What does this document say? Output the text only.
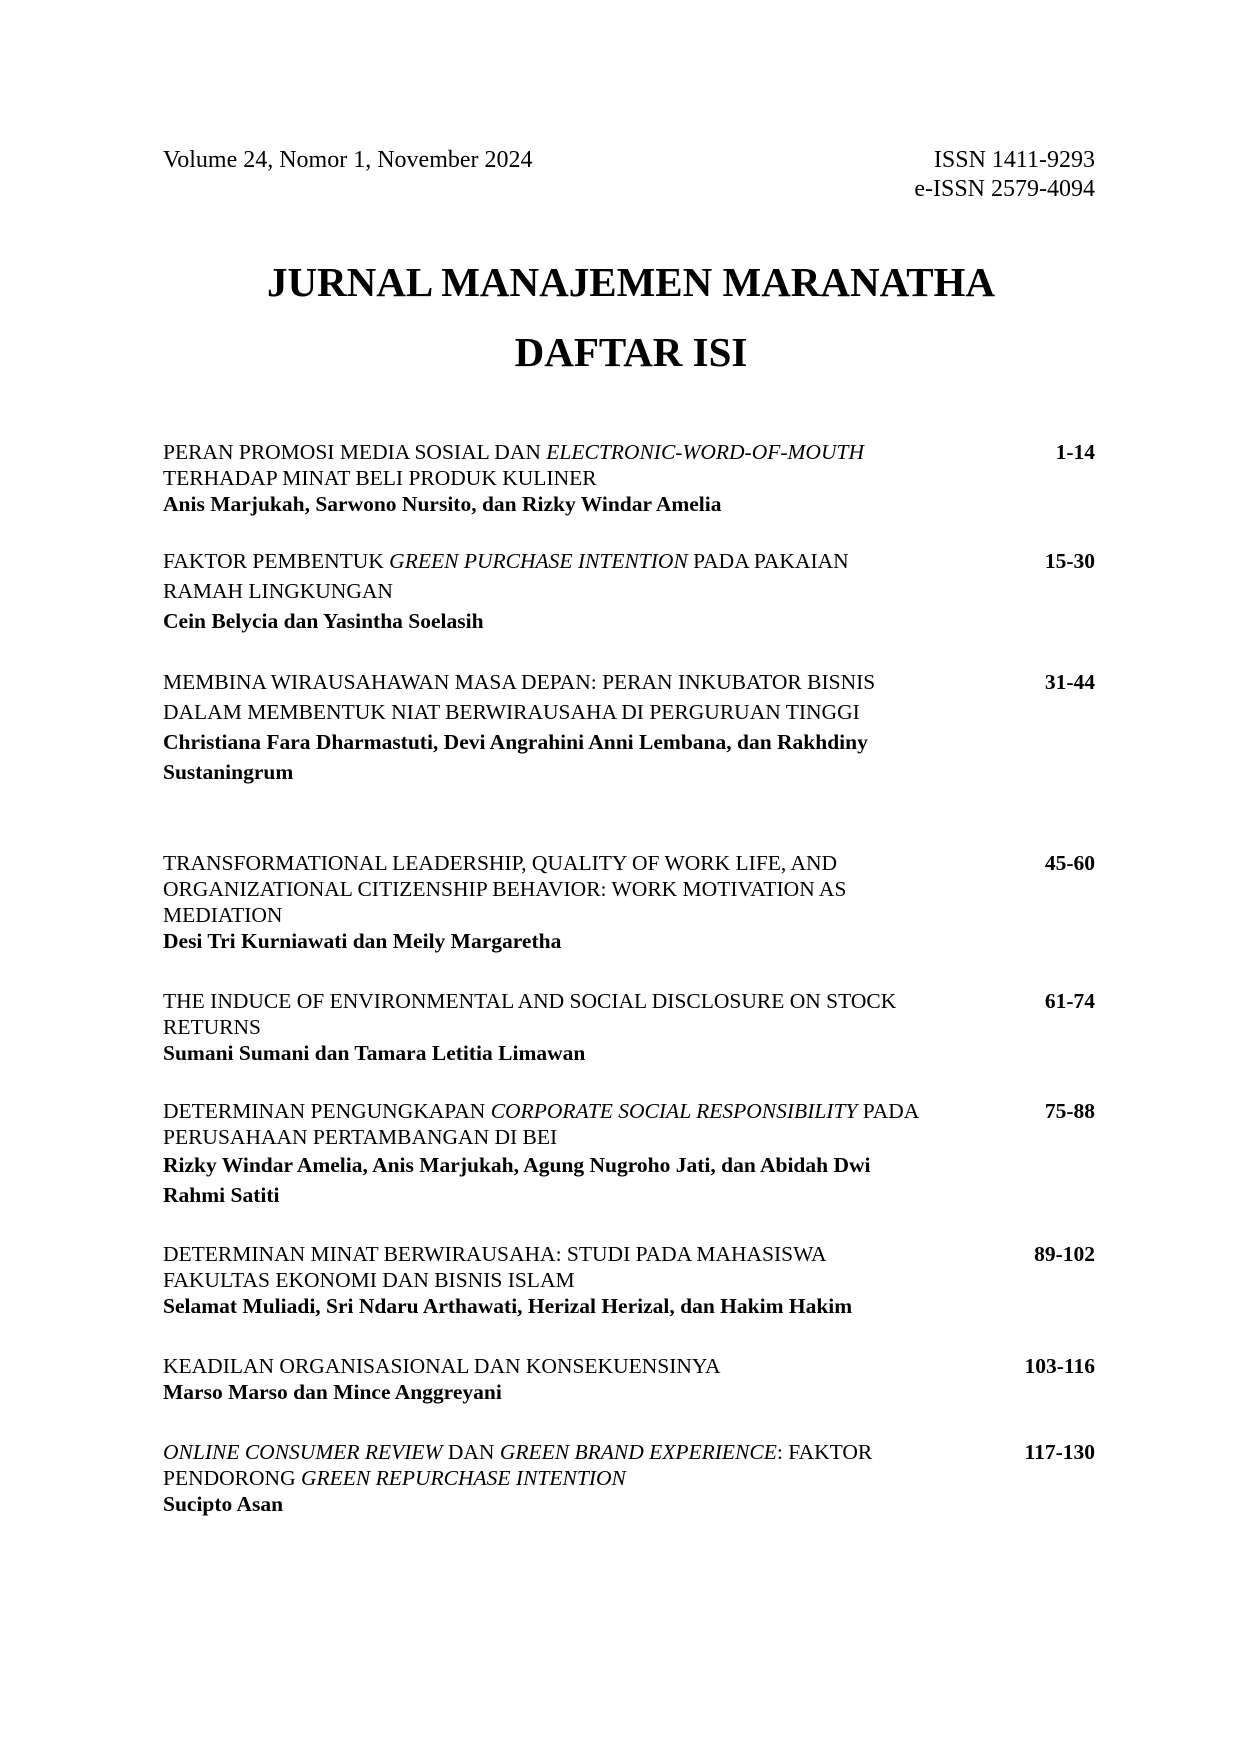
Volume 24, Nomor 1, November 2024	ISSN 1411-9293
e-ISSN 2579-4094
JURNAL MANAJEMEN MARANATHA
DAFTAR ISI
PERAN PROMOSI MEDIA SOSIAL DAN ELECTRONIC-WORD-OF-MOUTH TERHADAP MINAT BELI PRODUK KULINER
Anis Marjukah, Sarwono Nursito, dan Rizky Windar Amelia
1-14
FAKTOR PEMBENTUK GREEN PURCHASE INTENTION PADA PAKAIAN RAMAH LINGKUNGAN
Cein Belycia dan Yasintha Soelasih
15-30
MEMBINA WIRAUSAHAWAN MASA DEPAN: PERAN INKUBATOR BISNIS DALAM MEMBENTUK NIAT BERWIRAUSAHA DI PERGURUAN TINGGI
Christiana Fara Dharmastuti, Devi Angrahini Anni Lembana, dan Rakhdiny Sustaningrum
31-44
TRANSFORMATIONAL LEADERSHIP, QUALITY OF WORK LIFE, AND ORGANIZATIONAL CITIZENSHIP BEHAVIOR: WORK MOTIVATION AS MEDIATION
Desi Tri Kurniawati dan Meily Margaretha
45-60
THE INDUCE OF ENVIRONMENTAL AND SOCIAL DISCLOSURE ON STOCK RETURNS
Sumani Sumani dan Tamara Letitia Limawan
61-74
DETERMINAN PENGUNGKAPAN CORPORATE SOCIAL RESPONSIBILITY PADA PERUSAHAAN PERTAMBANGAN DI BEI
Rizky Windar Amelia, Anis Marjukah, Agung Nugroho Jati, dan Abidah Dwi Rahmi Satiti
75-88
DETERMINAN MINAT BERWIRAUSAHA: STUDI PADA MAHASISWA FAKULTAS EKONOMI DAN BISNIS ISLAM
Selamat Muliadi, Sri Ndaru Arthawati, Herizal Herizal, dan Hakim Hakim
89-102
KEADILAN ORGANISASIONAL DAN KONSEKUENSINYA
Marso Marso dan Mince Anggreyani
103-116
ONLINE CONSUMER REVIEW DAN GREEN BRAND EXPERIENCE: FAKTOR PENDORONG GREEN REPURCHASE INTENTION
Sucipto Asan
117-130
